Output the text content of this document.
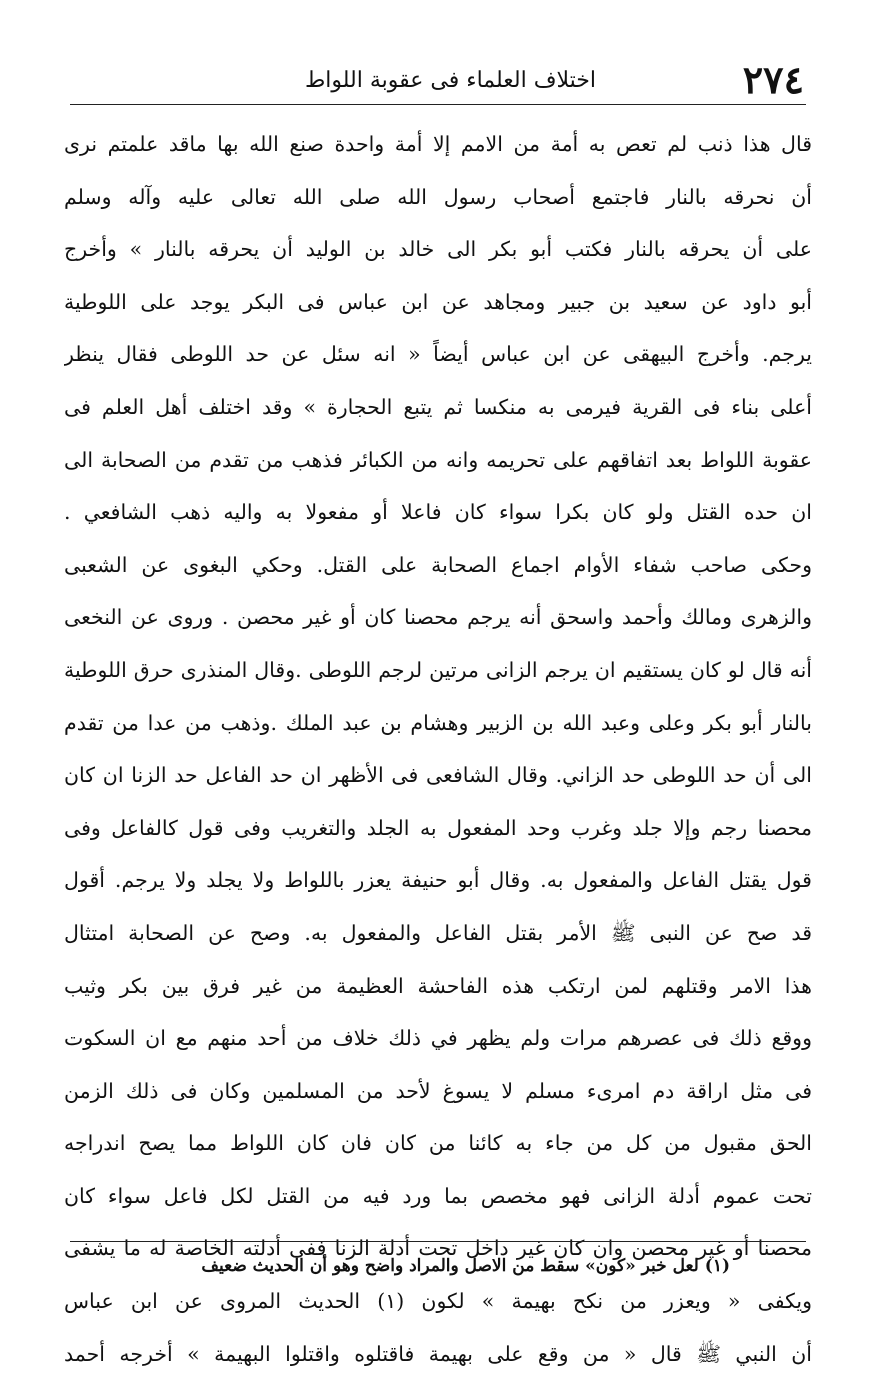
٢٧٤
اختلاف العلماء فى عقوبة اللواط
قال هذا ذنب لم تعص به أمة من الامم إلا أمة واحدة صنع الله بها ماقد علمتم نرى
أن نحرقه بالنار فاجتمع أصحاب رسول الله صلى الله تعالى عليه وآله وسلم
على أن يحرقه بالنار فكتب أبو بكر الى خالد بن الوليد أن يحرقه بالنار » وأخرج
أبو داود عن سعيد بن جبير ومجاهد عن ابن عباس فى البكر يوجد على اللوطية
يرجم. وأخرج البيهقى عن ابن عباس أيضاً « انه سئل عن حد اللوطى فقال ينظر
أعلى بناء فى القرية فيرمى به منكسا ثم يتبع الحجارة » وقد اختلف أهل العلم فى
عقوبة اللواط بعد اتفاقهم على تحريمه وانه من الكبائر فذهب من تقدم من الصحابة الى
ان حده القتل ولو كان بكرا سواء كان فاعلا أو مفعولا به واليه ذهب الشافعي .
وحكى صاحب شفاء الأوام اجماع الصحابة على القتل. وحكي البغوى عن الشعبى
والزهرى ومالك وأحمد واسحق أنه يرجم محصنا كان أو غير محصن . وروى عن النخعى
أنه قال لو كان يستقيم ان يرجم الزانى مرتين لرجم اللوطى .وقال المنذرى حرق اللوطية
بالنار أبو بكر وعلى وعبد الله بن الزبير وهشام بن عبد الملك .وذهب من عدا من تقدم
الى أن حد اللوطى حد الزاني. وقال الشافعى فى الأظهر ان حد الفاعل حد الزنا ان كان
محصنا رجم وإلا جلد وغرب وحد المفعول به الجلد والتغريب وفى قول كالفاعل وفى
قول يقتل الفاعل والمفعول به. وقال أبو حنيفة يعزر باللواط ولا يجلد ولا يرجم. أقول
قد صح عن النبى ﷺ الأمر بقتل الفاعل والمفعول به. وصح عن الصحابة امتثال
هذا الامر وقتلهم لمن ارتكب هذه الفاحشة العظيمة من غير فرق بين بكر وثيب
ووقع ذلك فى عصرهم مرات ولم يظهر في ذلك خلاف من أحد منهم مع ان السكوت
فى مثل اراقة دم امرىء مسلم لا يسوغ لأحد من المسلمين وكان فى ذلك الزمن
الحق مقبول من كل من جاء به كائنا من كان فان كان اللواط مما يصح اندراجه
تحت عموم أدلة الزانى فهو مخصص بما ورد فيه من القتل لكل فاعل سواء كان
محصنا أو غير محصن وان كان غير داخل تحت أدلة الزنا ففى أدلته الخاصة له ما يشفى
ويكفى « ويعزر من نكح بهيمة » لكون (١) الحديث المروى عن ابن عباس
أن النبي ﷺ قال « من وقع على بهيمة فاقتلوه واقتلوا البهيمة » أخرجه أحمد
(١) لعل خبر «كون» سقط من الاصل والمراد واضح وهو أن الحديث ضعيف
